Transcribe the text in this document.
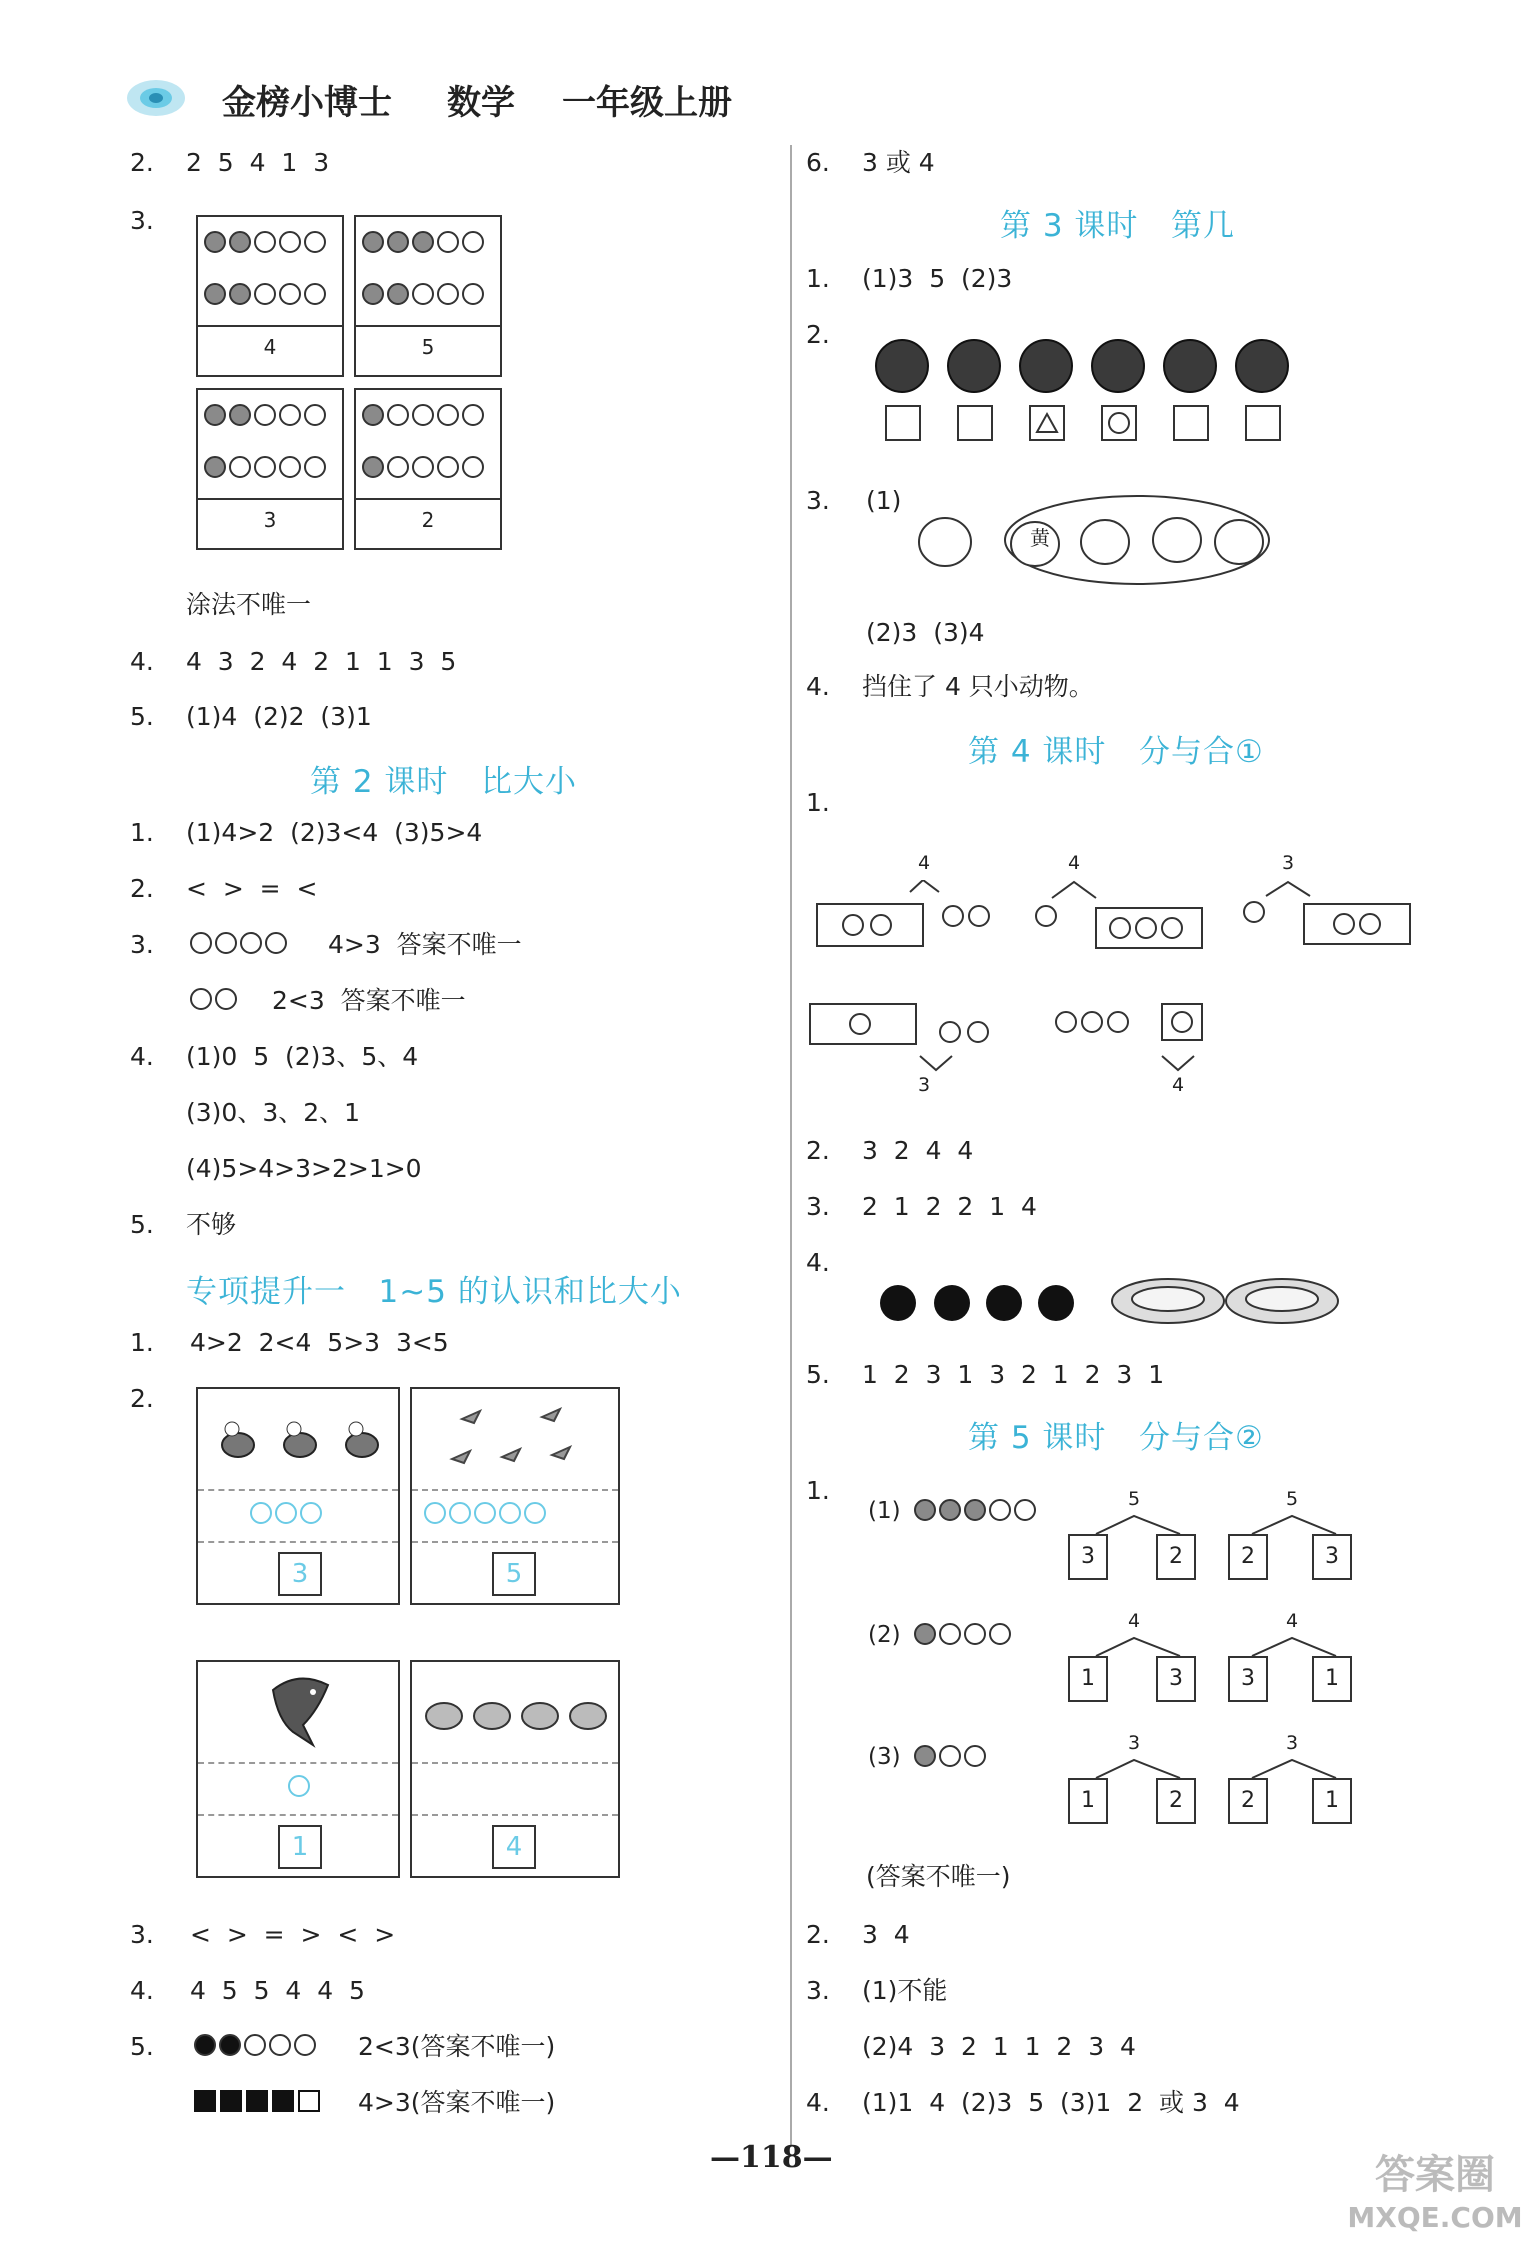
金榜小博士 数学 一年级上册
2. 2  5  4  1  3
3.
4	5
3	2
涂法不唯一
4. 4  3  2  4  2  1  1  3  5
5. (1)4  (2)2  (3)1
第 2 课时   比大小
1. (1)4>2  (2)3<4  (3)5>4
2. <  >  =  <
3.	4>3  答案不唯一
2<3  答案不唯一
4. (1)0  5  (2)3、5、4
(3)0、3、2、1
(4)5>4>3>2>1>0
5. 不够
专项提升一   1~5 的认识和比大小
1. 4>2  2<4  5>3  3<5
2.
3	5
1	4
3. <  >  =  >  <  >
4. 4  5  5  4  4  5
5.	2<3(答案不唯一)
4>3(答案不唯一)
6. 3 或 4
第 3 课时   第几
1. (1)3  5  (2)3
2.
3. (1)
黄
(2)3  (3)4
4. 挡住了 4 只小动物。
第 4 课时   分与合①
1.
4	4	3
3	4
2. 3  2  4  4
3. 2  1  2  2  1  4
4.
5. 1  2  3  1  3  2  1  2  3  1
第 5 课时   分与合②
1.
(1)	5
3	2
5
2	3
(2)
4
1	3
4
3	1
(3)
3
1	2
3
2	1
(答案不唯一)
2. 3  4
3. (1)不能
(2)4  3  2  1  1  2  3  4
4. (1)1  4  (2)3  5  (3)1  2  或 3  4
—118—	答案圈
MXQE.COM
